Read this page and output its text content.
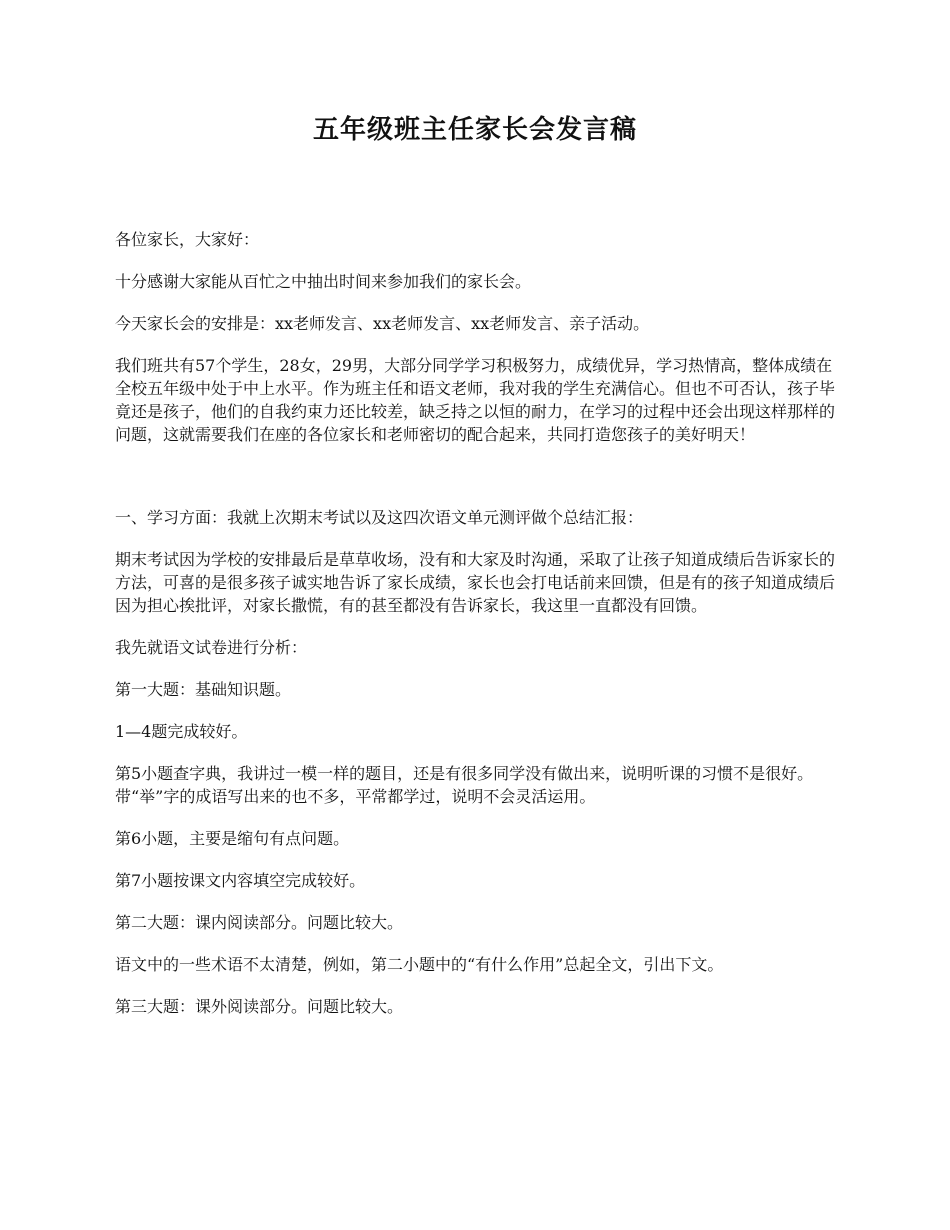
五年级班主任家长会发言稿

各位家长，大家好：

十分感谢大家能从百忙之中抽出时间来参加我们的家长会。

今天家长会的安排是：xx老师发言、xx老师发言、xx老师发言、亲子活动。

我们班共有57个学生，28女，29男，大部分同学学习积极努力，成绩优异，学习热情高，整体成绩在全校五年级中处于中上水平。作为班主任和语文老师，我对我的学生充满信心。但也不可否认，孩子毕竟还是孩子，他们的自我约束力还比较差，缺乏持之以恒的耐力，在学习的过程中还会出现这样那样的问题，这就需要我们在座的各位家长和老师密切的配合起来，共同打造您孩子的美好明天！

一、学习方面：我就上次期末考试以及这四次语文单元测评做个总结汇报：

期末考试因为学校的安排最后是草草收场，没有和大家及时沟通，采取了让孩子知道成绩后告诉家长的方法，可喜的是很多孩子诚实地告诉了家长成绩，家长也会打电话前来回馈，但是有的孩子知道成绩后因为担心挨批评，对家长撒慌，有的甚至都没有告诉家长，我这里一直都没有回馈。

我先就语文试卷进行分析：

第一大题：基础知识题。

1—4题完成较好。

第5小题查字典，我讲过一模一样的题目，还是有很多同学没有做出来，说明听课的习惯不是很好。带“举”字的成语写出来的也不多，平常都学过，说明不会灵活运用。

第6小题，主要是缩句有点问题。

第7小题按课文内容填空完成较好。

第二大题：课内阅读部分。问题比较大。

语文中的一些术语不太清楚，例如，第二小题中的“有什么作用”总起全文，引出下文。

第三大题：课外阅读部分。问题比较大。
